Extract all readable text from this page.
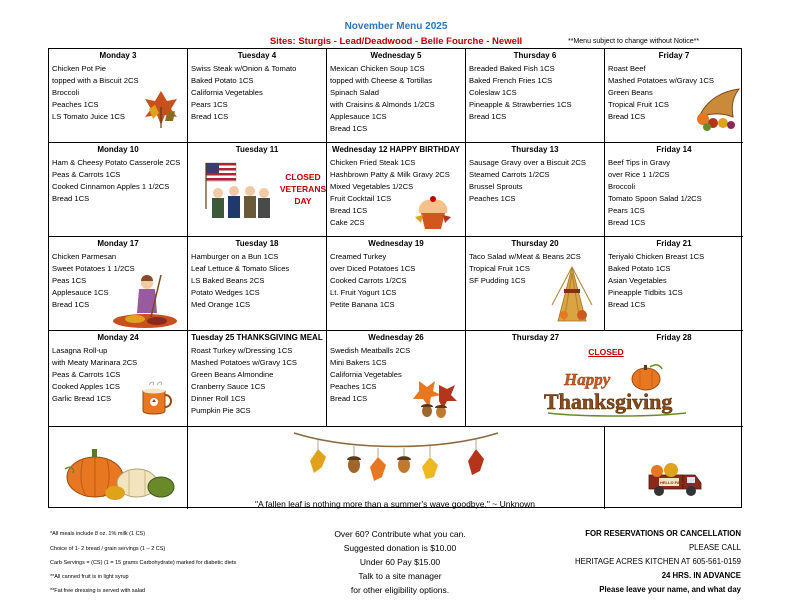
November Menu 2025
Sites: Sturgis - Lead/Deadwood - Belle Fourche - Newell	**Menu subject to change without Notice**
Monday 3
Chicken Pot Pie
topped with a Biscuit 2CS
Broccoli
Peaches 1CS
LS Tomato Juice 1CS
Tuesday 4
Swiss Steak w/Onion & Tomato
Baked Potato 1CS
California Vegetables
Pears 1CS
Bread 1CS
Wednesday 5
Mexican Chicken Soup 1CS
topped with Cheese & Tortillas
Spinach Salad
with Craisins & Almonds 1/2CS
Applesauce 1CS
Bread 1CS
Thursday 6
Breaded Baked Fish 1CS
Baked French Fries 1CS
Coleslaw 1CS
Pineapple & Strawberries 1CS
Bread 1CS
Friday 7
Roast Beef
Mashed Potatoes w/Gravy 1CS
Green Beans
Tropical Fruit 1CS
Bread 1CS
Monday 10
Ham & Cheesy Potato Casserole 2CS
Peas & Carrots 1CS
Cooked Cinnamon Apples 1 1/2CS
Bread 1CS
Tuesday 11
CLOSED
VETERANS
DAY
Wednesday 12 HAPPY BIRTHDAY
Chicken Fried Steak 1CS
Hashbrown Patty & Milk Gravy 2CS
Mixed Vegetables 1/2CS
Fruit Cocktail 1CS
Bread 1CS
Cake 2CS
Thursday 13
Sausage Gravy over a Biscuit 2CS
Steamed Carrots 1/2CS
Brussel Sprouts
Peaches 1CS
Friday 14
Beef Tips in Gravy
over Rice 1 1/2CS
Broccoli
Tomato Spoon Salad 1/2CS
Pears 1CS
Bread 1CS
Monday 17
Chicken Parmesan
Sweet Potatoes 1 1/2CS
Peas 1CS
Applesauce 1CS
Bread 1CS
Tuesday 18
Hamburger on a Bun 1CS
Leaf Lettuce & Tomato Slices
LS Baked Beans 2CS
Potato Wedges 1CS
Med Orange 1CS
Wednesday 19
Creamed Turkey
over Diced Potatoes 1CS
Cooked Carrots 1/2CS
Lt. Fruit Yogurt 1CS
Petite Banana 1CS
Thursday 20
Taco Salad w/Meat & Beans 2CS
Tropical Fruit 1CS
SF Pudding 1CS
Friday 21
Teriyaki Chicken Breast 1CS
Baked Potato 1CS
Asian Vegetables
Pineapple Tidbits 1CS
Bread 1CS
Monday 24
Lasagna Roll-up
with Meaty Marinara 2CS
Peas & Carrots 1CS
Cooked Apples 1CS
Garlic Bread 1CS
Tuesday 25 THANKSGIVING MEAL
Roast Turkey w/Dressing 1CS
Mashed Potatoes w/Gravy 1CS
Green Beans Almondine
Cranberry Sauce 1CS
Dinner Roll 1CS
Pumpkin Pie 3CS
Wednesday 26
Swedish Meatballs 2CS
Mini Bakers 1CS
California Vegetables
Peaches 1CS
Bread 1CS
Thursday 27	Friday 28
CLOSED
Happy
Thanksgiving
"A fallen leaf is nothing more than a summer's wave goodbye." ~ Unknown
HELLO FALL
*All meals include 8 oz. 1% milk (1 CS)
Choice of 1- 2 bread / grain servings (1 – 2 CS)
Carb Servings = (CS) (1 = 15 grams Carbohydrate) marked for diabetic diets
**All canned fruit is in light syrup
**Fat free dressing is served with salad
Over 60? Contribute what you can.
Suggested donation is $10.00
Under 60 Pay $15.00
Talk to a site manager
for other eligibility options.
FOR RESERVATIONS OR CANCELLATION
PLEASE CALL
HERITAGE ACRES KITCHEN AT 605-561-0159
24 HRS. IN ADVANCE
Please leave your name, and what day
